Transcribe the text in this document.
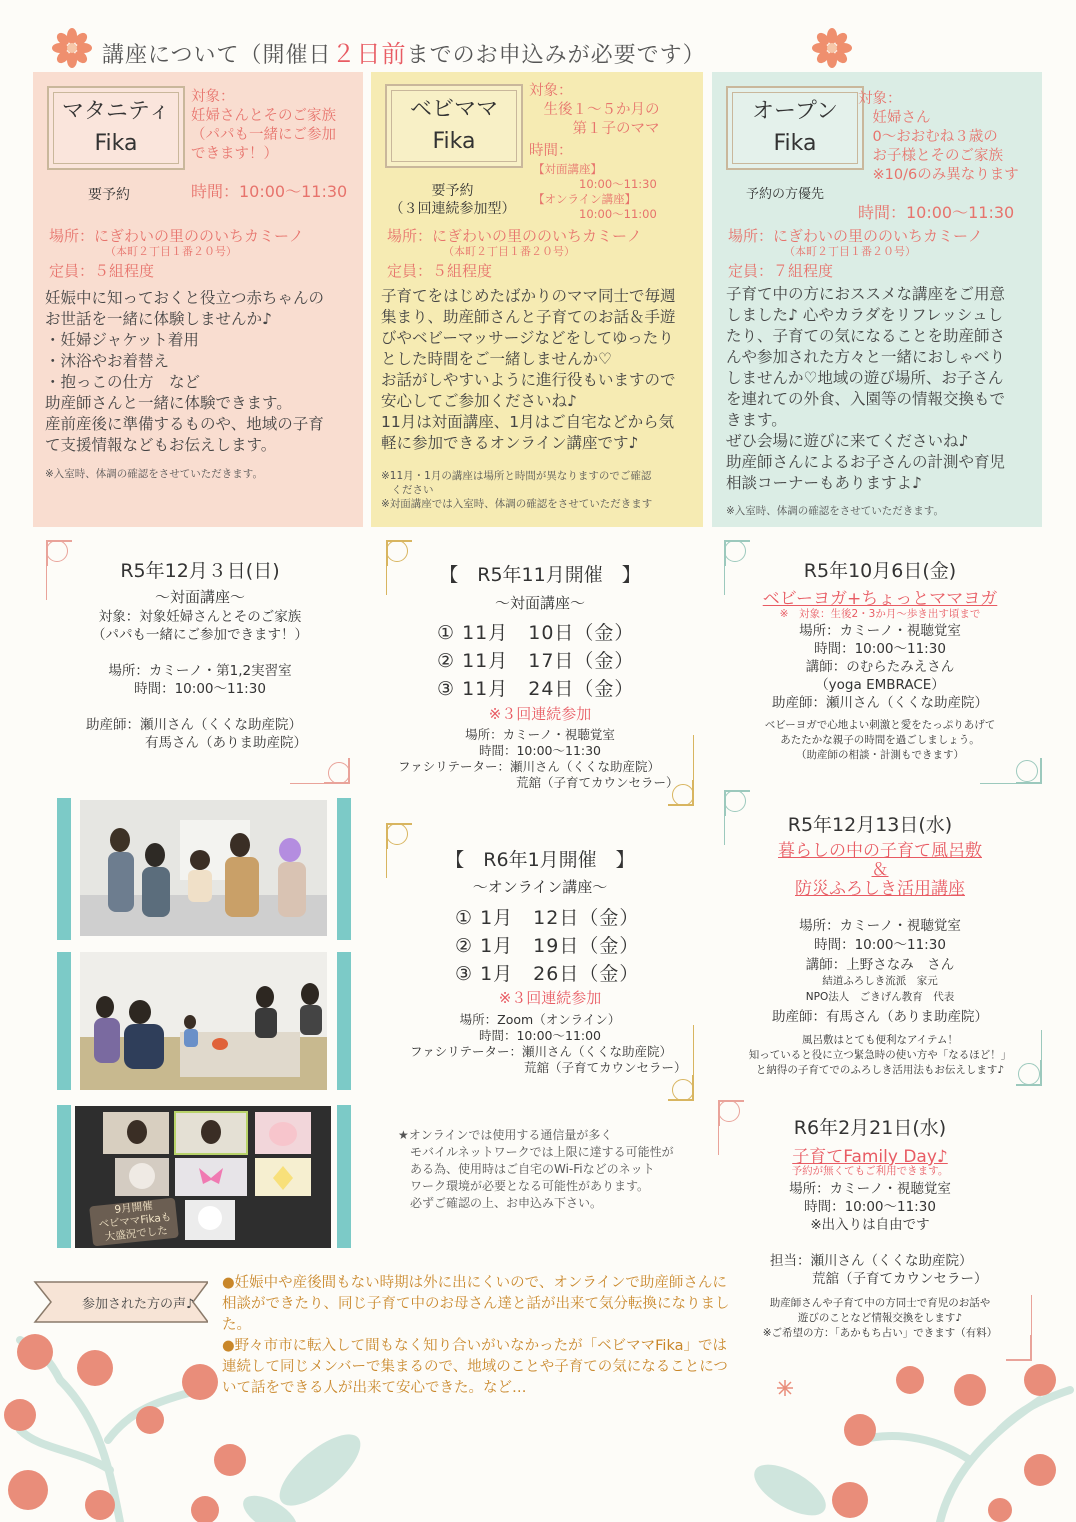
講座について（開催日２日前までのお申込みが必要です）
マタニティ
Fika
要予約
対象：
妊婦さんとそのご家族
（パパも一緒にご参加
できます！）
時間：10:00～11:30
場所：にぎわいの里ののいちカミーノ
（本町２丁目１番２０号）
定員：５組程度
妊娠中に知っておくと役立つ赤ちゃんの
お世話を一緒に体験しませんか♪
・妊婦ジャケット着用
・沐浴やお着替え
・抱っこの仕方　など
助産師さんと一緒に体験できます。
産前産後に準備するものや、地域の子育
て支援情報などもお伝えします。
※入室時、体調の確認をさせていただきます。
ベビママ
Fika
要予約
（３回連続参加型）
対象：
　生後１～５か月の
　　　第１子のママ
時間：
【対面講座】
　　　　10:00～11:30
【オンライン講座】
　　　　10:00～11:00
場所：にぎわいの里ののいちカミーノ
（本町２丁目１番２０号）
定員：５組程度
子育てをはじめたばかりのママ同士で毎週
集まり、助産師さんと子育てのお話＆手遊
びやベビーマッサージなどをしてゆったり
とした時間をご一緒しませんか♡
お話がしやすいように進行役もいますので
安心してご参加くださいね♪
11月は対面講座、1月はご自宅などから気
軽に参加できるオンライン講座です♪
※11月・1月の講座は場所と時間が異なりますのでご確認
　ください
※対面講座では入室時、体調の確認をさせていただきます
オープン
Fika
予約の方優先
対象：
　妊婦さん
　0～おおむね３歳の
　お子様とそのご家族
　※10/6のみ異なります
時間：10:00～11:30
場所：にぎわいの里ののいちカミーノ
（本町２丁目１番２０号）
定員：７組程度
子育て中の方におススメな講座をご用意
しました♪ 心やカラダをリフレッシュし
たり、子育ての気になることを助産師さ
んや参加された方々と一緒におしゃべり
しませんか♡地域の遊び場所、お子さん
を連れての外食、入園等の情報交換もで
きます。
ぜひ会場に遊びに来てくださいね♪
助産師さんによるお子さんの計測や育児
相談コーナーもありますよ♪
※入室時、体調の確認をさせていただきます。
R5年12月３日(日)
～対面講座～
対象：対象妊婦さんとそのご家族
（パパも一緒にご参加できます！）
場所：カミーノ・第1,2実習室
時間：10:00～11:30
助産師：瀬川さん（くくな助産院）
有馬さん（ありま助産院）
【　R5年11月開催　】
～対面講座～
① 11月　10日（金）
② 11月　17日（金）
③ 11月　24日（金）
※３回連続参加
場所：カミーノ・視聴覚室
時間：10:00～11:30
ファシリテーター：瀬川さん（くくな助産院）
荒舘（子育てカウンセラー）
【　R6年1月開催　】
～オンライン講座～
① 1月　12日（金）
② 1月　19日（金）
③ 1月　26日（金）
※３回連続参加
場所：Zoom（オンライン）
時間：10:00～11:00
ファシリテーター：瀬川さん（くくな助産院）
荒舘（子育てカウンセラー）
★オンラインでは使用する通信量が多く
　モバイルネットワークでは上限に達する可能性が
　ある為、使用時はご自宅のWi-Fiなどのネット
　ワーク環境が必要となる可能性があります。
　必ずご確認の上、お申込み下さい。
R5年10月6日(金)
ベビーヨガ+ちょっとママヨガ
※　対象：生後2・3か月～歩き出す頃まで
場所：カミーノ・視聴覚室
時間：10:00～11:30
講師：のむらたみえさん
（yoga EMBRACE）
助産師：瀬川さん（くくな助産院）
ベビーヨガで心地よい刺激と愛をたっぷりあげて
あたたかな親子の時間を過ごしましょう。
（助産師の相談・計測もできます）
R5年12月13日(水)
暮らしの中の子育て風呂敷
＆
防災ふろしき活用講座
場所：カミーノ・視聴覚室
時間：10:00～11:30
講師：上野さなみ　さん
結道ふろしき流派　家元
NPO法人　ごきげん教育　代表
助産師：有馬さん（ありま助産院）
風呂敷はとても便利なアイテム！
知っていると役に立つ緊急時の使い方や「なるほど！」
と納得の子育てでのふろしき活用法もお伝えします♪
R6年2月21日(水)
子育てFamily Day♪
予約が無くてもご利用できます。
場所：カミーノ・視聴覚室
時間：10:00～11:30
※出入りは自由です
担当：瀬川さん（くくな助産院）
荒舘（子育てカウンセラー）
助産師さんや子育て中の方同士で育児のお話や
遊びのことなど情報交換をします♪
※ご希望の方：「あかもち占い」できます（有料）
9月開催
ベビママFikaも
大盛況でした
参加された方の声♪
●妊娠中や産後間もない時期は外に出にくいので、オンラインで助産師さんに
相談ができたり、同じ子育て中のお母さん達と話が出来て気分転換になりまし
た。
●野々市市に転入して間もなく知り合いがいなかったが「ベビママFika」では
連続して同じメンバーで集まるので、地域のことや子育ての気になることにつ
いて話をできる人が出来て安心できた。など…
